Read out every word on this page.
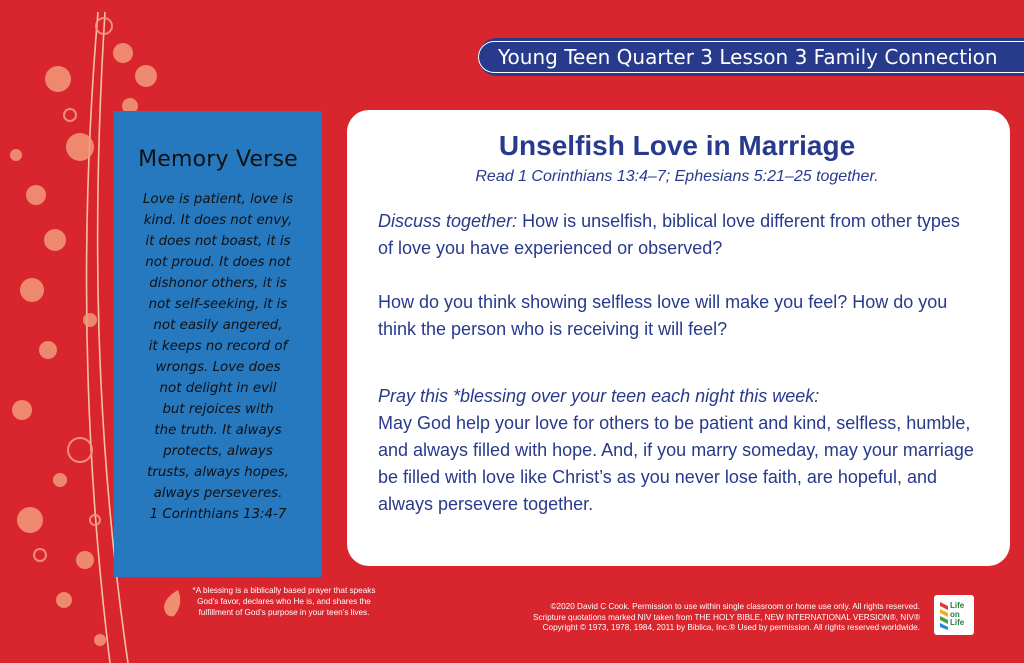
Young Teen Quarter 3 Lesson 3 Family Connection
Memory Verse
Love is patient, love is
kind. It does not envy,
it does not boast, it is
not proud. It does not
dishonor others, it is
not self-seeking, it is
not easily angered,
it keeps no record of
wrongs. Love does
not delight in evil
but rejoices with
the truth. It always
protects, always
trusts, always hopes,
always perseveres.
1 Corinthians 13:4-7
Unselfish Love in Marriage
Read 1 Corinthians 13:4–7; Ephesians 5:21–25 together.

Discuss together: How is unselfish, biblical love different from other types of love you have experienced or observed?

How do you think showing selfless love will make you feel? How do you think the person who is receiving it will feel?

Pray this *blessing over your teen each night this week:
May God help your love for others to be patient and kind, selfless, humble, and always filled with hope. And, if you marry someday, may your marriage be filled with love like Christ’s as you never lose faith, are hopeful, and always persevere together.

*A blessing is a biblically based prayer that speaks
God’s favor, declares who He is, and shares the
fulfillment of God’s purpose in your teen’s lives.
©2020 David C Cook. Permission to use within single classroom or home use only. All rights reserved.
Scripture quotations marked NIV taken from THE HOLY BIBLE, NEW INTERNATIONAL VERSION®, NIV®
Copyright © 1973, 1978, 1984, 2011 by Biblica, Inc.® Used by permission. All rights reserved worldwide.
Life
on
Life
